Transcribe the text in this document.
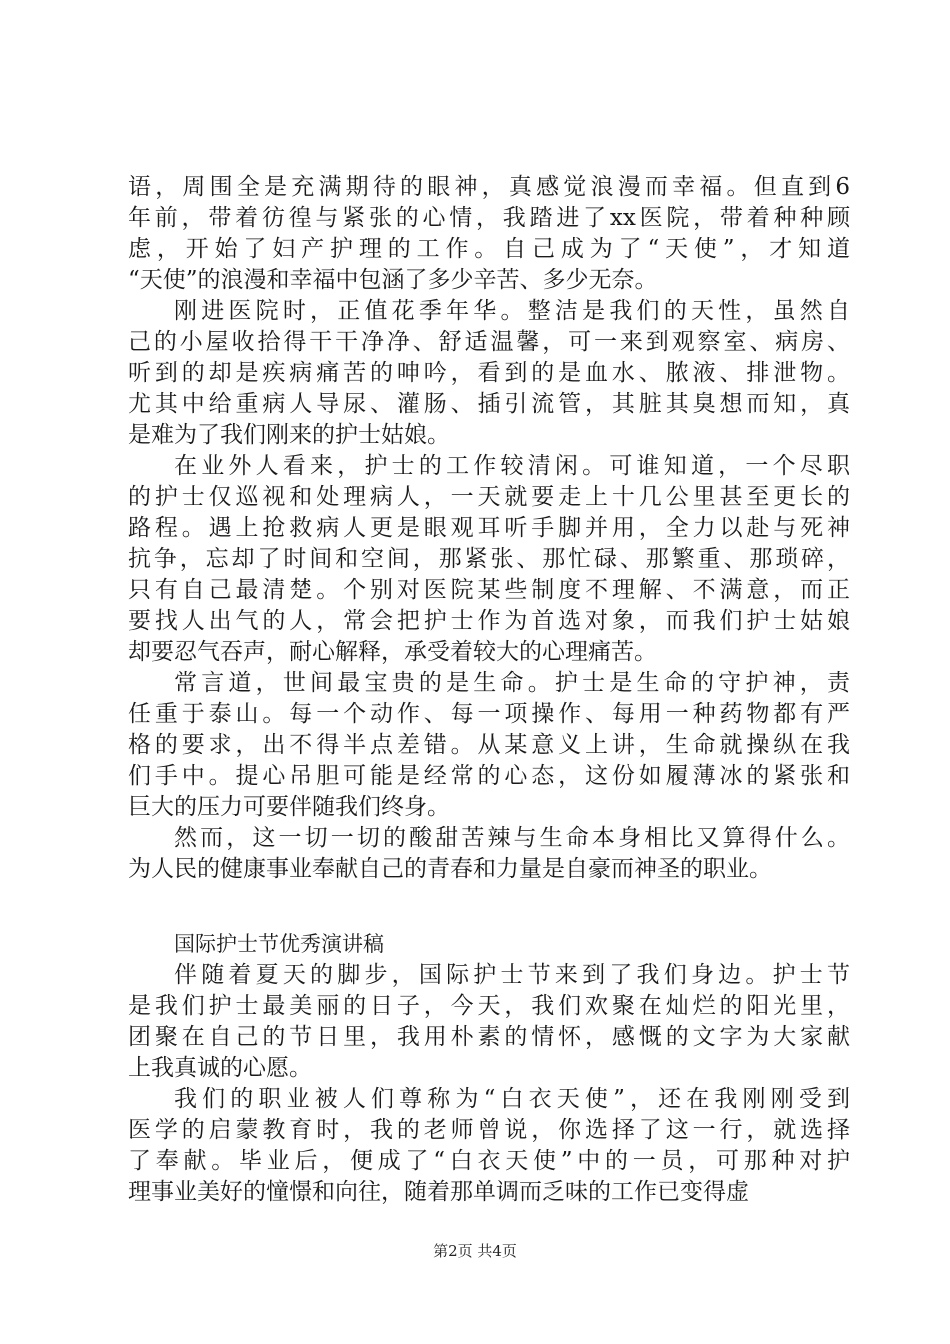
语，周围全是充满期待的眼神，真感觉浪漫而幸福。但直到6
年前，带着彷徨与紧张的心情，我踏进了xx医院，带着种种顾
虑，开始了妇产护理的工作。自己成为了“天使”，才知道
“天使”的浪漫和幸福中包涵了多少辛苦、多少无奈。
刚进医院时，正值花季年华。整洁是我们的天性，虽然自
己的小屋收拾得干干净净、舒适温馨，可一来到观察室、病房、
听到的却是疾病痛苦的呻吟，看到的是血水、脓液、排泄物。
尤其中给重病人导尿、灌肠、插引流管，其脏其臭想而知，真
是难为了我们刚来的护士姑娘。
在业外人看来，护士的工作较清闲。可谁知道，一个尽职
的护士仅巡视和处理病人，一天就要走上十几公里甚至更长的
路程。遇上抢救病人更是眼观耳听手脚并用，全力以赴与死神
抗争，忘却了时间和空间，那紧张、那忙碌、那繁重、那琐碎，
只有自己最清楚。个别对医院某些制度不理解、不满意，而正
要找人出气的人，常会把护士作为首选对象，而我们护士姑娘
却要忍气吞声，耐心解释，承受着较大的心理痛苦。
常言道，世间最宝贵的是生命。护士是生命的守护神，责
任重于泰山。每一个动作、每一项操作、每用一种药物都有严
格的要求，出不得半点差错。从某意义上讲，生命就操纵在我
们手中。提心吊胆可能是经常的心态，这份如履薄冰的紧张和
巨大的压力可要伴随我们终身。
然而，这一切一切的酸甜苦辣与生命本身相比又算得什么。
为人民的健康事业奉献自己的青春和力量是自豪而神圣的职业。
国际护士节优秀演讲稿
伴随着夏天的脚步，国际护士节来到了我们身边。护士节
是我们护士最美丽的日子，今天，我们欢聚在灿烂的阳光里，
团聚在自己的节日里，我用朴素的情怀，感慨的文字为大家献
上我真诚的心愿。
我们的职业被人们尊称为“白衣天使”，还在我刚刚受到
医学的启蒙教育时，我的老师曾说，你选择了这一行，就选择
了奉献。毕业后，便成了“白衣天使”中的一员，可那种对护
理事业美好的憧憬和向往，随着那单调而乏味的工作已变得虚
第2页 共4页
